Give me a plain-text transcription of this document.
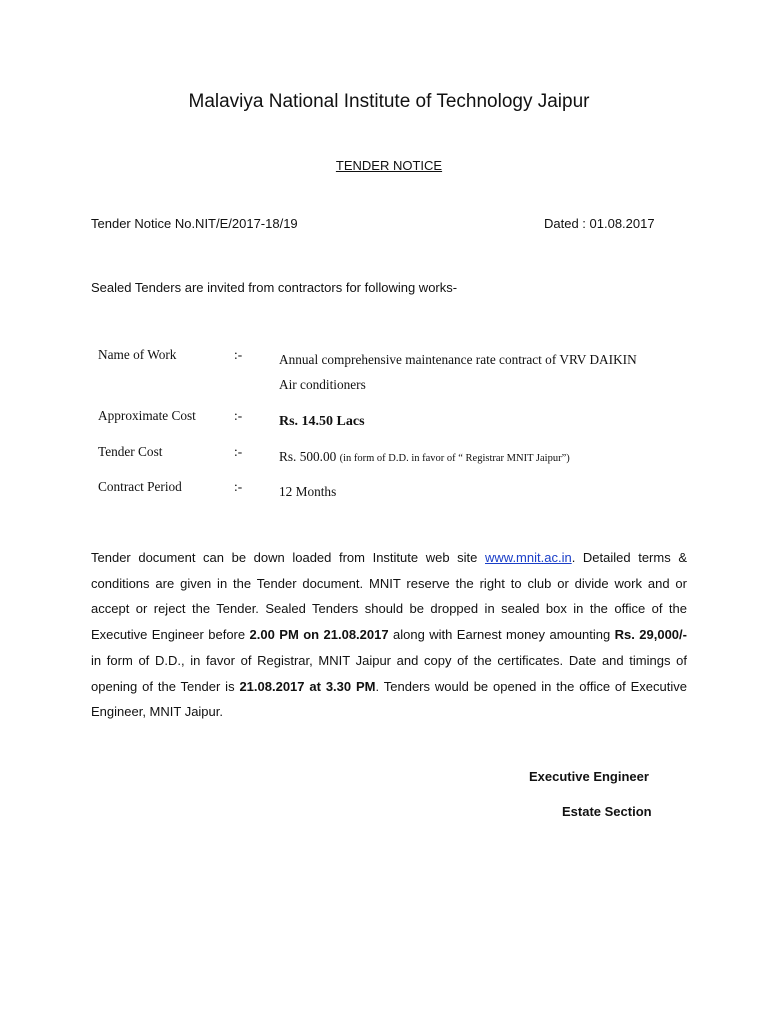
Malaviya National Institute of Technology Jaipur
TENDER NOTICE
Tender Notice No.NIT/E/2017-18/19	Dated : 01.08.2017
Sealed Tenders are invited from contractors for following works-
Name of Work	:-	Annual comprehensive maintenance rate contract of VRV DAIKIN
Air conditioners
Approximate Cost	:-	Rs. 14.50 Lacs
Tender Cost	:-	Rs. 500.00 (in form of D.D. in favor of “ Registrar MNIT Jaipur”)
Contract Period	:-	12 Months
Tender document can be down loaded from Institute web site www.mnit.ac.in. Detailed terms & conditions are given in the Tender document. MNIT reserve the right to club or divide work and or accept or reject the Tender. Sealed Tenders should be dropped in sealed box in the office of the Executive Engineer before 2.00 PM on 21.08.2017 along with Earnest money amounting Rs. 29,000/- in form of D.D., in favor of Registrar, MNIT Jaipur and copy of the certificates. Date and timings of opening of the Tender is 21.08.2017 at 3.30 PM. Tenders would be opened in the office of Executive Engineer, MNIT Jaipur.
Executive Engineer
Estate Section
